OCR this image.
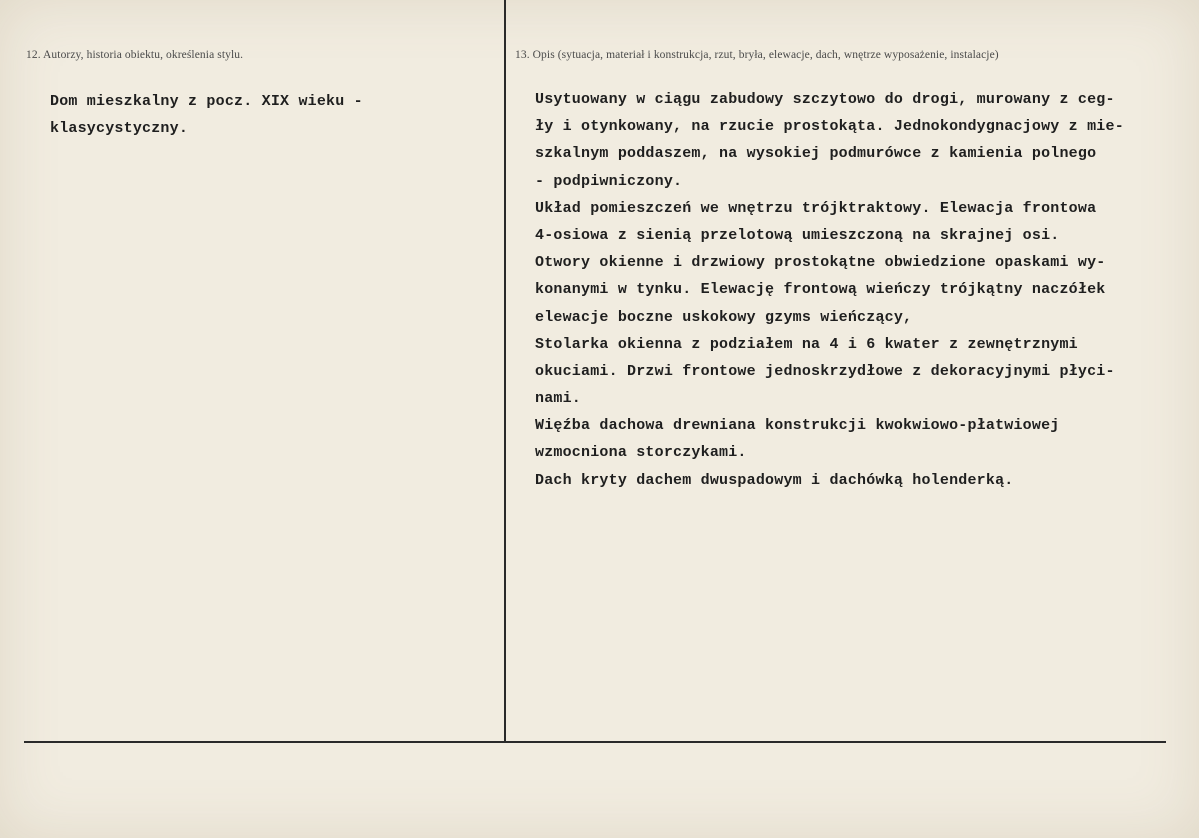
12. Autorzy, historia obiektu, określenia stylu.	13. Opis (sytuacja, materiał i konstrukcja, rzut, bryła, elewacje, dach, wnętrze wyposażenie, instalacje)
Dom mieszkalny z pocz. XIX wieku -
klasycystyczny.
Usytuowany w ciągu zabudowy szczytowo do drogi, murowany z ceg-
ły i otynkowany, na rzucie prostokąta. Jednokondygnacjowy z mie-
szkalnym poddaszem, na wysokiej podmurówce z kamienia polnego
- podpiwniczony.
Układ pomieszczeń we wnętrzu trójktraktowy. Elewacja frontowa
4-osiowa z sienią przelotową umieszczoną na skrajnej osi.
Otwory okienne i drzwiowy prostokątne obwiedzione opaskami wy-
konanymi w tynku. Elewację frontową wieńczy trójkątny naczółek
elewacje boczne uskokowy gzyms wieńczący,
Stolarka okienna z podziałem na 4 i 6 kwater z zewnętrznymi
okuciami. Drzwi frontowe jednoskrzydłowe z dekoracyjnymi płyci-
nami.
Więźba dachowa drewniana konstrukcji kwokwiowo-płatwiowej
wzmocniona storczykami.
Dach kryty dachem dwuspadowym i dachówką holenderką.
